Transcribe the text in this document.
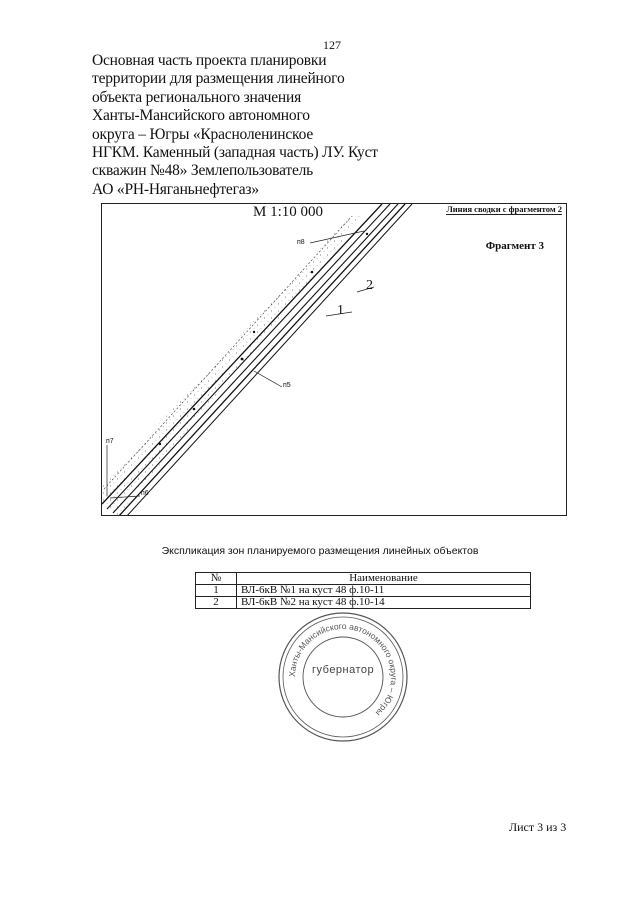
127
Основная часть проекта планировки
территории для размещения линейного
объекта регионального значения
Ханты-Мансийского автономного
округа – Югры «Красноленинское
НГКМ. Каменный (западная часть) ЛУ. Куст
скважин №48» Землепользователь
АО «РН-Няганьнефтегаз»
М 1:10 000	Линия сводки с фрагментом 2
Фрагмент 3
2
1
п8
п5
п7
п6
Экспликация зон планируемого размещения линейных объектов
№	Наименование
1	ВЛ-6кВ №1 на куст 48 ф.10-11
2	ВЛ-6кВ №2 на куст 48 ф.10-14
Ханты-Мансийского автономного округа – Югры
губернатор
Лист 3 из 3
